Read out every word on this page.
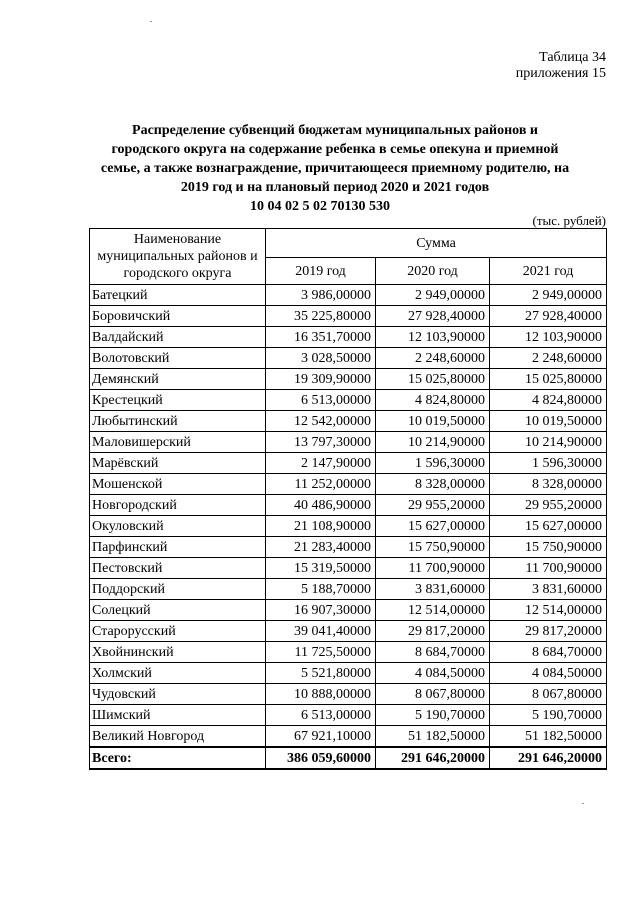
Таблица 34
приложения 15
Распределение субвенций бюджетам муниципальных районов и городского округа на содержание ребенка в семье опекуна и приемной семье, а также вознаграждение, причитающееся приемному родителю, на 2019 год и на плановый период 2020 и 2021 годов
10 04 02 5 02 70130 530
(тыс. рублей)
Наименование муниципальных районов и городского округа	Сумма		
	2019 год	2020 год	2021 год
Батецкий	3 986,00000	2 949,00000	2 949,00000
Боровичский	35 225,80000	27 928,40000	27 928,40000
Валдайский	16 351,70000	12 103,90000	12 103,90000
Волотовский	3 028,50000	2 248,60000	2 248,60000
Демянский	19 309,90000	15 025,80000	15 025,80000
Крестецкий	6 513,00000	4 824,80000	4 824,80000
Любытинский	12 542,00000	10 019,50000	10 019,50000
Маловишерский	13 797,30000	10 214,90000	10 214,90000
Марёвский	2 147,90000	1 596,30000	1 596,30000
Мошенской	11 252,00000	8 328,00000	8 328,00000
Новгородский	40 486,90000	29 955,20000	29 955,20000
Окуловский	21 108,90000	15 627,00000	15 627,00000
Парфинский	21 283,40000	15 750,90000	15 750,90000
Пестовский	15 319,50000	11 700,90000	11 700,90000
Поддорский	5 188,70000	3 831,60000	3 831,60000
Солецкий	16 907,30000	12 514,00000	12 514,00000
Старорусский	39 041,40000	29 817,20000	29 817,20000
Хвойнинский	11 725,50000	8 684,70000	8 684,70000
Холмский	5 521,80000	4 084,50000	4 084,50000
Чудовский	10 888,00000	8 067,80000	8 067,80000
Шимский	6 513,00000	5 190,70000	5 190,70000
Великий Новгород	67 921,10000	51 182,50000	51 182,50000
Всего:	386 059,60000	291 646,20000	291 646,20000
